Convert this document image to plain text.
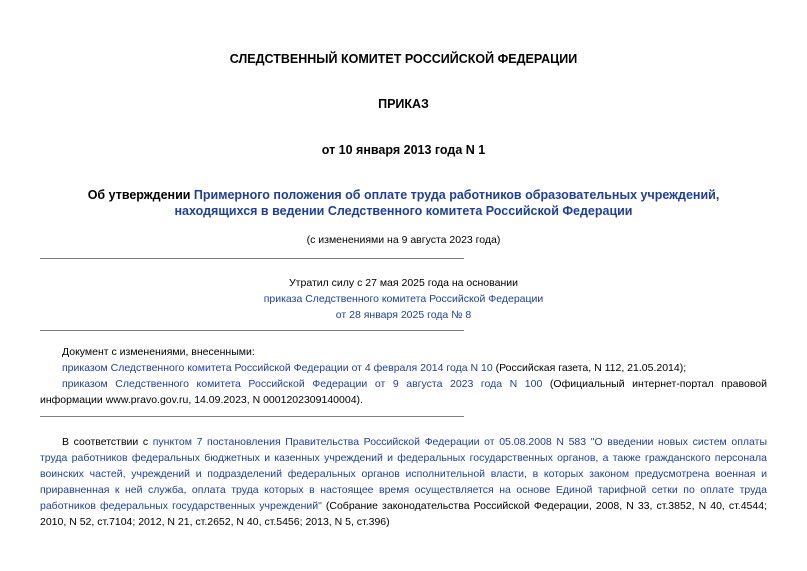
СЛЕДСТВЕННЫЙ КОМИТЕТ РОССИЙСКОЙ ФЕДЕРАЦИИ
ПРИКАЗ
от 10 января 2013 года N 1
Об утверждении Примерного положения об оплате труда работников образовательных учреждений,
находящихся в ведении Следственного комитета Российской Федерации
(с изменениями на 9 августа 2023 года)
Утратил силу с 27 мая 2025 года на основании
приказа Следственного комитета Российской Федерации
от 28 января 2025 года № 8
Документ с изменениями, внесенными:
приказом Следственного комитета Российской Федерации от 4 февраля 2014 года N 10 (Российская газета, N 112, 21.05.2014);
приказом Следственного комитета Российской Федерации от 9 августа 2023 года N 100 (Официальный интернет-портал правовой информации www.pravo.gov.ru, 14.09.2023, N 0001202309140004).
В соответствии с пунктом 7 постановления Правительства Российской Федерации от 05.08.2008 N 583 "О введении новых систем оплаты труда работников федеральных бюджетных и казенных учреждений и федеральных государственных органов, а также гражданского персонала воинских частей, учреждений и подразделений федеральных органов исполнительной власти, в которых законом предусмотрена военная и приравненная к ней служба, оплата труда которых в настоящее время осуществляется на основе Единой тарифной сетки по оплате труда работников федеральных государственных учреждений" (Собрание законодательства Российской Федерации, 2008, N 33, ст.3852, N 40, ст.4544; 2010, N 52, ст.7104; 2012, N 21, ст.2652, N 40, ст.5456; 2013, N 5, ст.396)
